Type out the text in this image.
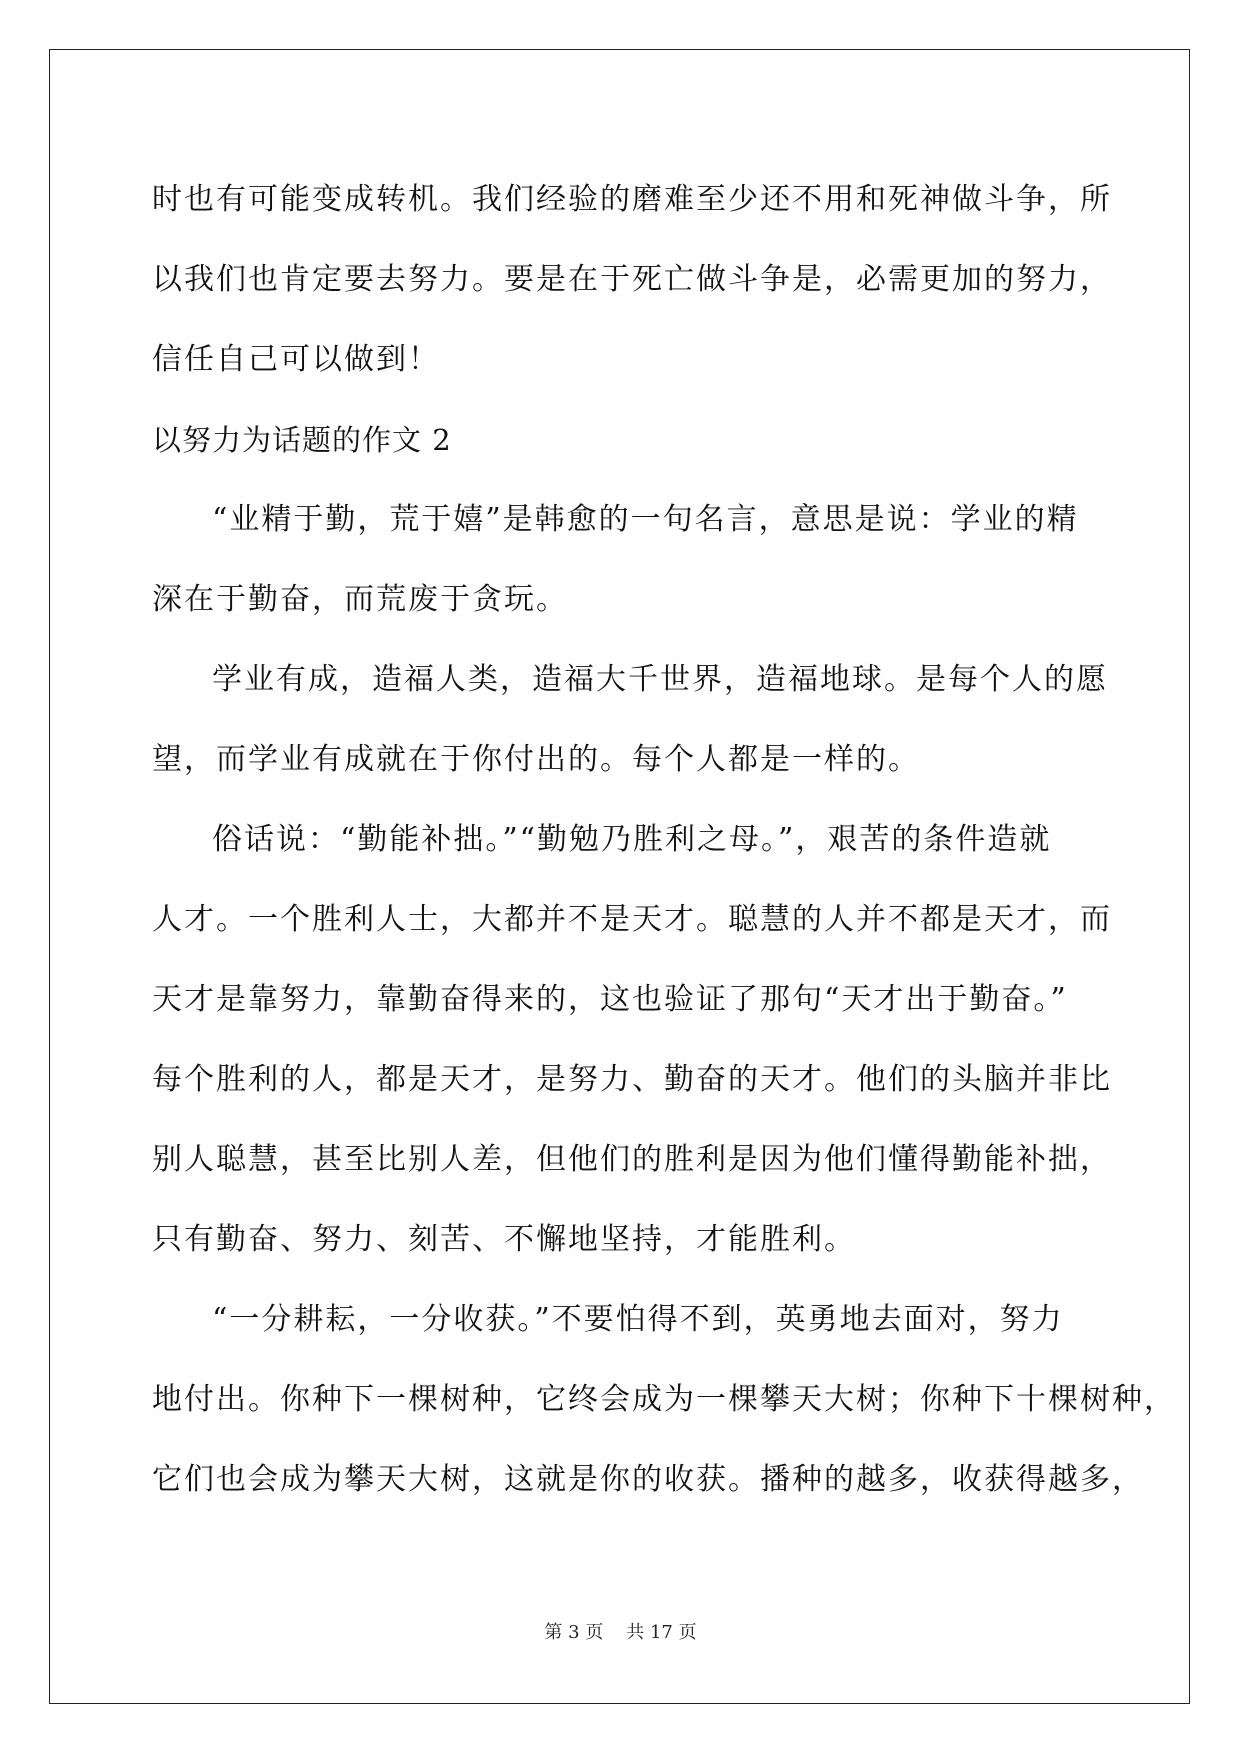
时也有可能变成转机。我们经验的磨难至少还不用和死神做斗争，所
以我们也肯定要去努力。要是在于死亡做斗争是，必需更加的努力，
信任自己可以做到！
以努力为话题的作文 2
“业精于勤，荒于嬉”是韩愈的一句名言，意思是说：学业的精
深在于勤奋，而荒废于贪玩。
学业有成，造福人类，造福大千世界，造福地球。是每个人的愿
望，而学业有成就在于你付出的。每个人都是一样的。
俗话说：“勤能补拙。”“勤勉乃胜利之母。”，艰苦的条件造就
人才。一个胜利人士，大都并不是天才。聪慧的人并不都是天才，而
天才是靠努力，靠勤奋得来的，这也验证了那句“天才出于勤奋。”
每个胜利的人，都是天才，是努力、勤奋的天才。他们的头脑并非比
别人聪慧，甚至比别人差，但他们的胜利是因为他们懂得勤能补拙，
只有勤奋、努力、刻苦、不懈地坚持，才能胜利。
“一分耕耘，一分收获。”不要怕得不到，英勇地去面对，努力
地付出。你种下一棵树种，它终会成为一棵攀天大树；你种下十棵树种，
它们也会成为攀天大树，这就是你的收获。播种的越多，收获得越多，
第 3 页 共 17 页
